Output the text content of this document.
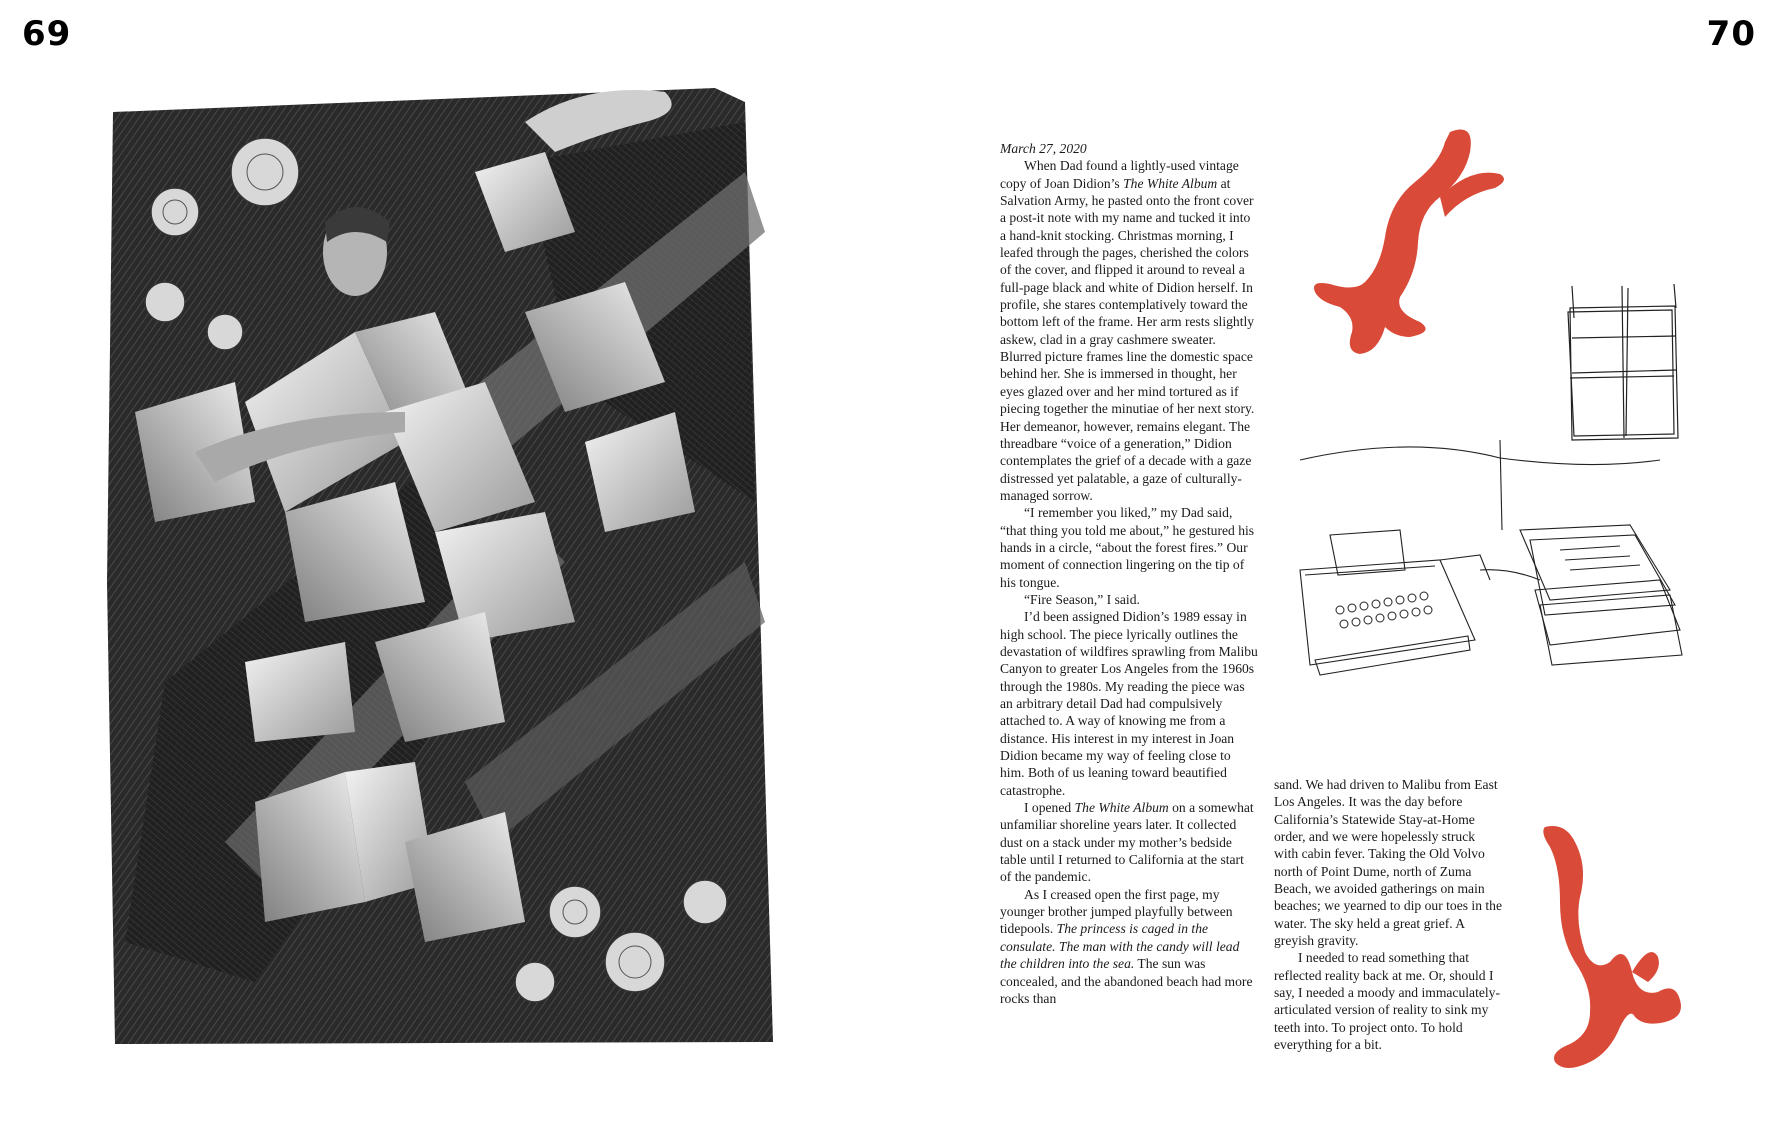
69	70

March 27, 2020

When Dad found a lightly-used vintage copy of Joan Didion’s The White Album at Salvation Army, he pasted onto the front cover a post-it note with my name and tucked it into a hand-knit stocking. Christmas morning, I leafed through the pages, cherished the colors of the cover, and flipped it around to reveal a full-page black and white of Didion herself. In profile, she stares contemplatively toward the bottom left of the frame. Her arm rests slightly askew, clad in a gray cashmere sweater. Blurred picture frames line the domestic space behind her. She is immersed in thought, her eyes glazed over and her mind tortured as if piecing together the minutiae of her next story. Her demeanor, however, remains elegant. The threadbare “voice of a generation,” Didion contemplates the grief of a decade with a gaze distressed yet palatable, a gaze of culturally-managed sorrow.

“I remember you liked,” my Dad said, “that thing you told me about,” he gestured his hands in a circle, “about the forest fires.” Our moment of connection lingering on the tip of his tongue.

“Fire Season,” I said.

I’d been assigned Didion’s 1989 essay in high school. The piece lyrically outlines the devastation of wildfires sprawling from Malibu Canyon to greater Los Angeles from the 1960s through the 1980s. My reading the piece was an arbitrary detail Dad had compulsively attached to. A way of knowing me from a distance. His interest in my interest in Joan Didion became my way of feeling close to him. Both of us leaning toward beautified catastrophe.

I opened The White Album on a somewhat unfamiliar shoreline years later. It collected dust on a stack under my mother’s bedside table until I returned to California at the start of the pandemic.

As I creased open the first page, my younger brother jumped playfully between tidepools. The princess is caged in the consulate. The man with the candy will lead the children into the sea. The sun was concealed, and the abandoned beach had more rocks than

sand. We had driven to Malibu from East Los Angeles. It was the day before California’s Statewide Stay-at-Home order, and we were hopelessly struck with cabin fever. Taking the Old Volvo north of Point Dume, north of Zuma Beach, we avoided gatherings on main beaches; we yearned to dip our toes in the water. The sky held a great grief. A greyish gravity.

I needed to read something that reflected reality back at me. Or, should I say, I needed a moody and immaculately-articulated version of reality to sink my teeth into. To project onto. To hold everything for a bit.
